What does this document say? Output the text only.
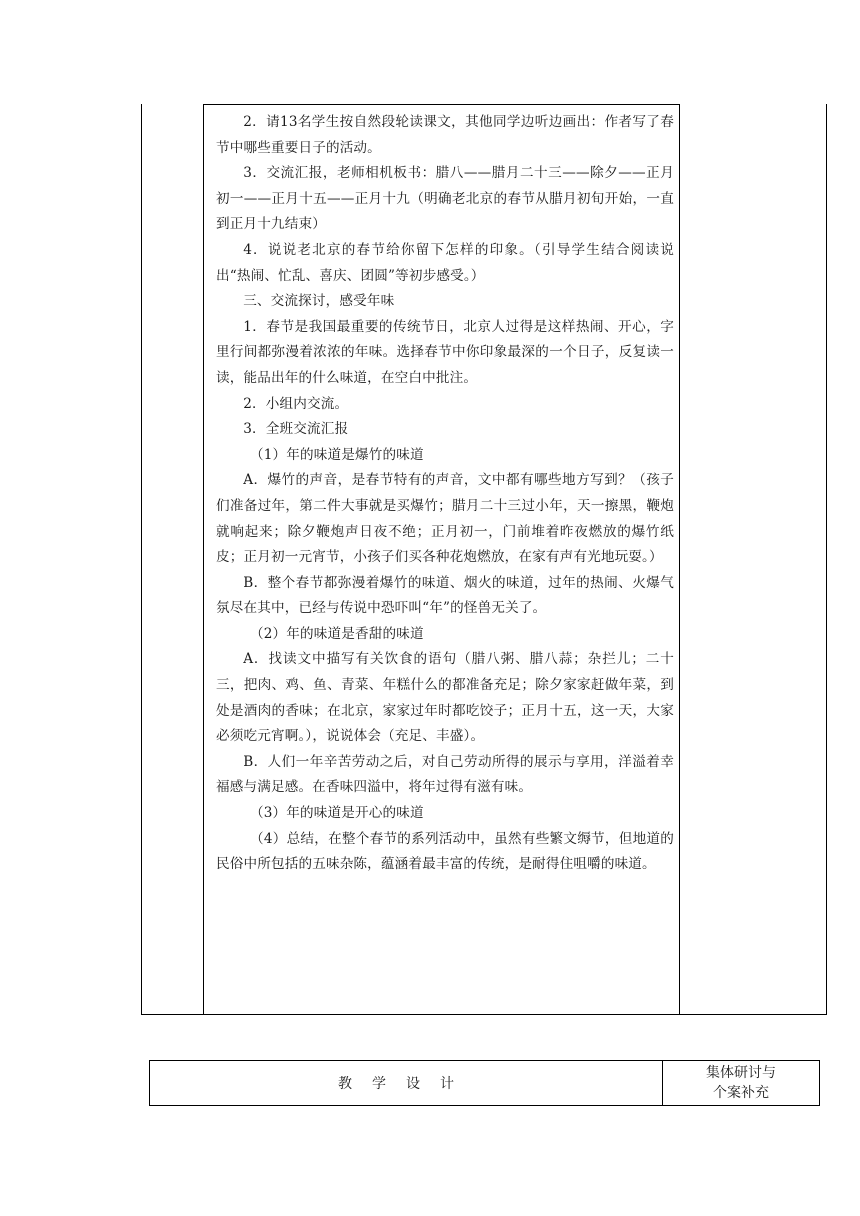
2．请13名学生按自然段轮读课文，其他同学边听边画出：作者写了春节中哪些重要日子的活动。

3．交流汇报，老师相机板书：腊八——腊月二十三——除夕——正月初一——正月十五——正月十九（明确老北京的春节从腊月初旬开始，一直到正月十九结束）

4．说说老北京的春节给你留下怎样的印象。（引导学生结合阅读说出“热闹、忙乱、喜庆、团圆”等初步感受。）

三、交流探讨，感受年味

1．春节是我国最重要的传统节日，北京人过得是这样热闹、开心，字里行间都弥漫着浓浓的年味。选择春节中你印象最深的一个日子，反复读一读，能品出年的什么味道，在空白中批注。

2．小组内交流。

3．全班交流汇报

（1）年的味道是爆竹的味道

A．爆竹的声音，是春节特有的声音，文中都有哪些地方写到？（孩子们准备过年，第二件大事就是买爆竹；腊月二十三过小年，天一擦黑，鞭炮就响起来；除夕鞭炮声日夜不绝；正月初一，门前堆着昨夜燃放的爆竹纸皮；正月初一元宵节，小孩子们买各种花炮燃放，在家有声有光地玩耍。）

B．整个春节都弥漫着爆竹的味道、烟火的味道，过年的热闹、火爆气氛尽在其中，已经与传说中恐吓叫“年”的怪兽无关了。

（2）年的味道是香甜的味道

A．找读文中描写有关饮食的语句（腊八粥、腊八蒜；杂拦儿；二十三，把肉、鸡、鱼、青菜、年糕什么的都准备充足；除夕家家赶做年菜，到处是酒肉的香味；在北京，家家过年时都吃饺子；正月十五，这一天，大家必须吃元宵啊。），说说体会（充足、丰盛）。

B．人们一年辛苦劳动之后，对自己劳动所得的展示与享用，洋溢着幸福感与满足感。在香味四溢中，将年过得有滋有味。

（3）年的味道是开心的味道

（4）总结，在整个春节的系列活动中，虽然有些繁文缛节，但地道的民俗中所包括的五味杂陈，蕴涵着最丰富的传统，是耐得住咀嚼的味道。

教学设计
集体研讨与
个案补充
